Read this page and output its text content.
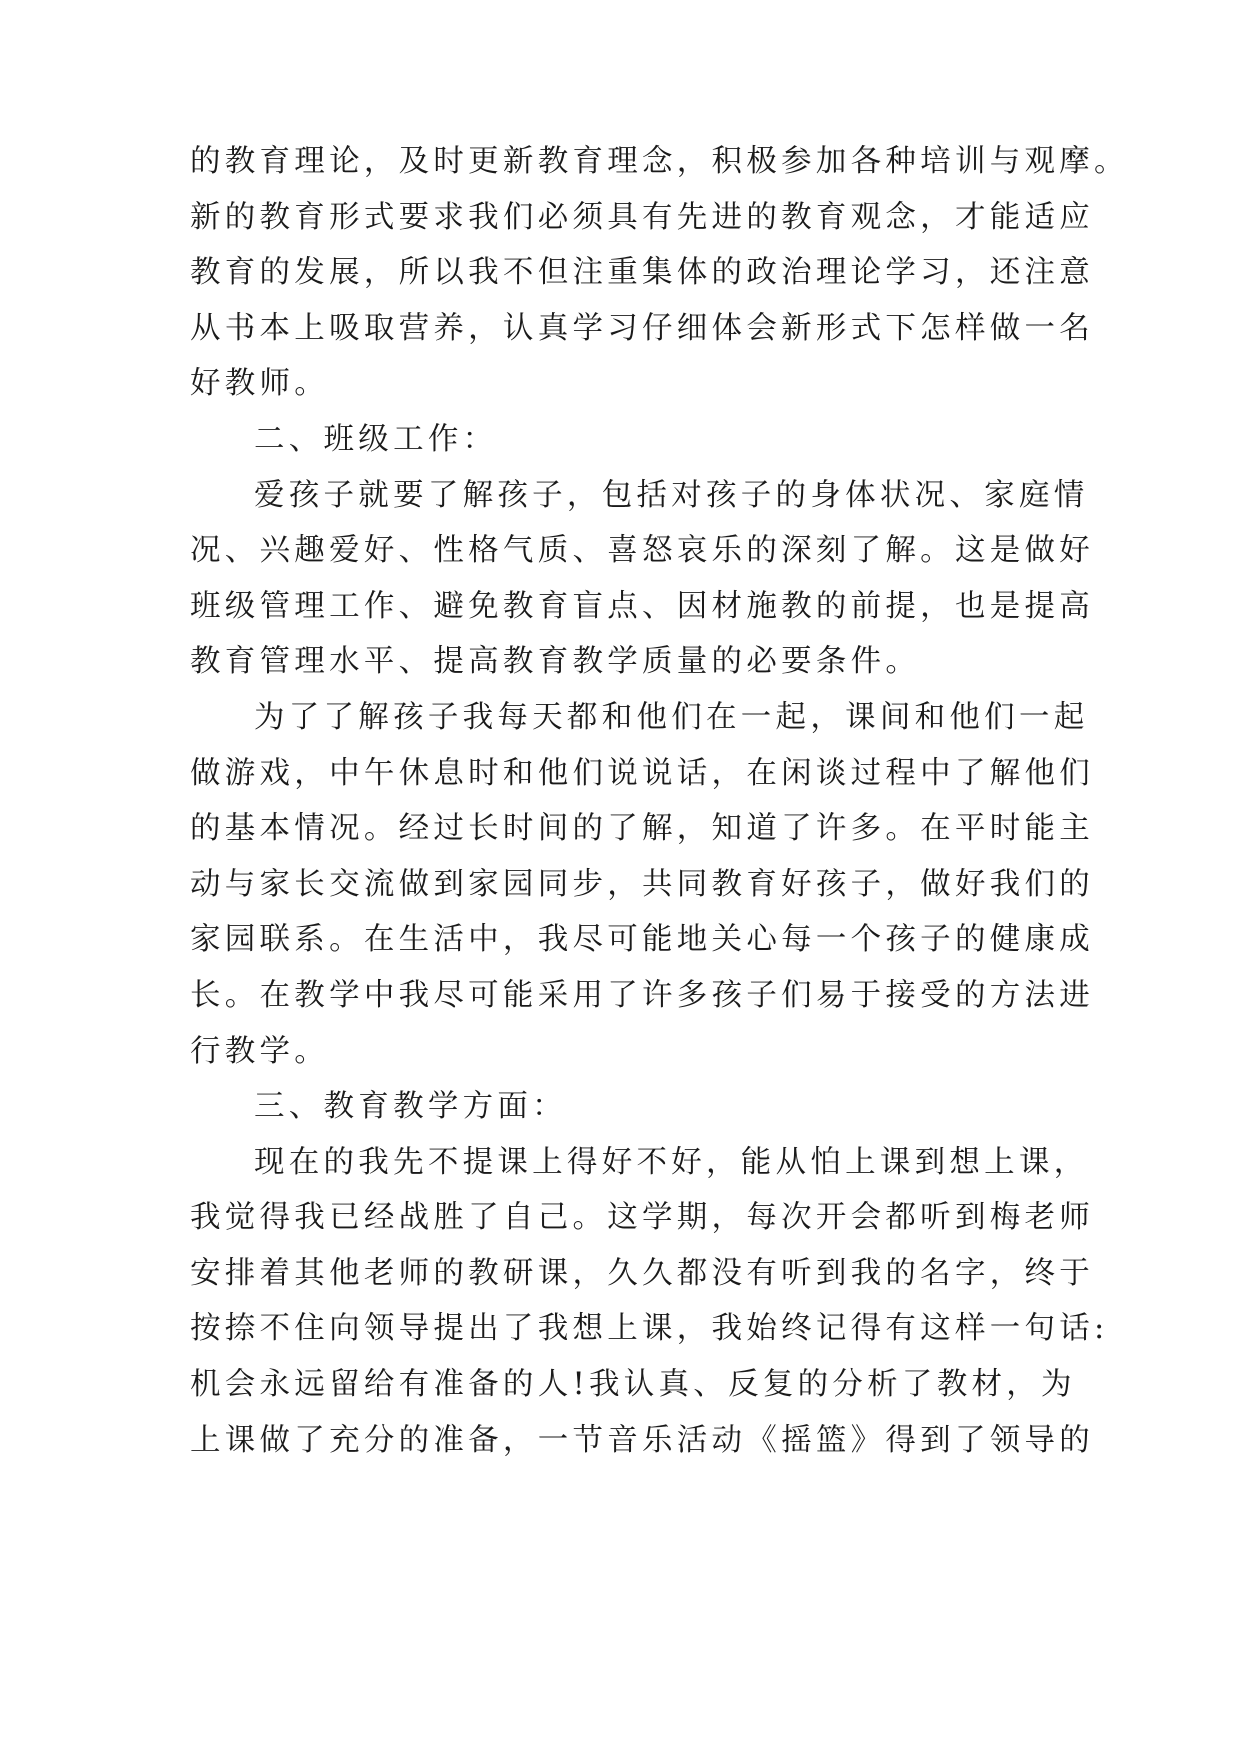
的教育理论，及时更新教育理念，积极参加各种培训与观摩。
新的教育形式要求我们必须具有先进的教育观念，才能适应
教育的发展，所以我不但注重集体的政治理论学习，还注意
从书本上吸取营养，认真学习仔细体会新形式下怎样做一名
好教师。
二、班级工作：
爱孩子就要了解孩子，包括对孩子的身体状况、家庭情
况、兴趣爱好、性格气质、喜怒哀乐的深刻了解。这是做好
班级管理工作、避免教育盲点、因材施教的前提，也是提高
教育管理水平、提高教育教学质量的必要条件。
为了了解孩子我每天都和他们在一起，课间和他们一起
做游戏，中午休息时和他们说说话，在闲谈过程中了解他们
的基本情况。经过长时间的了解，知道了许多。在平时能主
动与家长交流做到家园同步，共同教育好孩子，做好我们的
家园联系。在生活中，我尽可能地关心每一个孩子的健康成
长。在教学中我尽可能采用了许多孩子们易于接受的方法进
行教学。
三、教育教学方面：
现在的我先不提课上得好不好，能从怕上课到想上课，
我觉得我已经战胜了自己。这学期，每次开会都听到梅老师
安排着其他老师的教研课，久久都没有听到我的名字，终于
按捺不住向领导提出了我想上课，我始终记得有这样一句话:
机会永远留给有准备的人!我认真、反复的分析了教材，为
上课做了充分的准备，一节音乐活动《摇篮》得到了领导的
